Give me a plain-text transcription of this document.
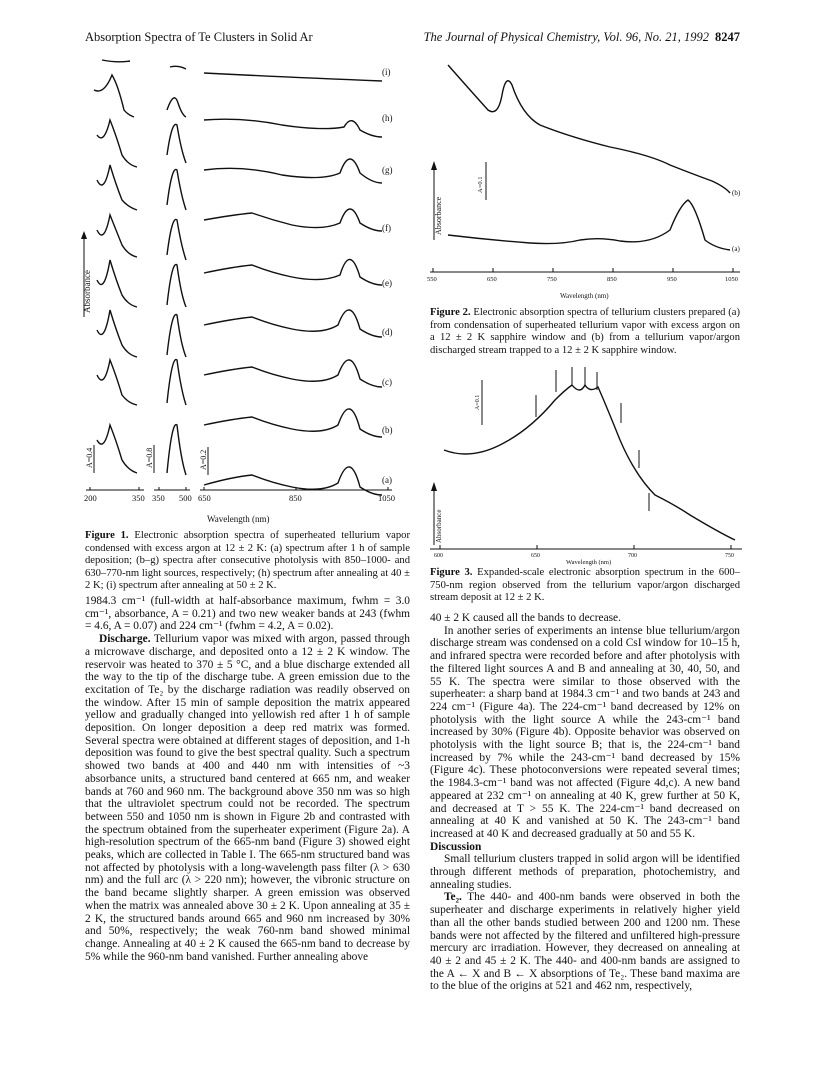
Absorption Spectra of Te Clusters in Solid Ar	The Journal of Physical Chemistry, Vol. 96, No. 21, 1992 8247
(i)
(h)
(g)
(f)
(e)
(d)
(c)
(b)
(a)
Absorbance
A=0.4	A=0.8	A=0.2
200	350 350 500 650	850	1050
Wavelength (nm)
Figure 1. Electronic absorption spectra of superheated tellurium vapor condensed with excess argon at 12 ± 2 K: (a) spectrum after 1 h of sample deposition; (b–g) spectra after consecutive photolysis with 850–1000- and 630–770-nm light sources, respectively; (h) spectrum after annealing at 40 ± 2 K; (i) spectrum after annealing at 50 ± 2 K.
(b)
(a)
Absorbance
A=0.1
550	650	750	850	950	1050
Wavelength (nm)
Figure 2. Electronic absorption spectra of tellurium clusters prepared (a) from condensation of superheated tellurium vapor with excess argon on a 12 ± 2 K sapphire window and (b) from a tellurium vapor/argon discharged stream trapped to a 12 ± 2 K sapphire window.
Absorbance
A=0.1
600	650	700	750
Wavelength (nm)
Figure 3. Expanded-scale electronic absorption spectrum in the 600–750-nm region observed from the tellurium vapor/argon discharged stream deposit at 12 ± 2 K.

1984.3 cm⁻¹ (full-width at half-absorbance maximum, fwhm = 3.0 cm⁻¹, absorbance, A = 0.21) and two new weaker bands at 243 (fwhm = 4.6, A = 0.07) and 224 cm⁻¹ (fwhm = 4.2, A = 0.02).

Discharge. Tellurium vapor was mixed with argon, passed through a microwave discharge, and deposited onto a 12 ± 2 K window. The reservoir was heated to 370 ± 5 °C, and a blue discharge extended all the way to the tip of the discharge tube. A green emission due to the excitation of Te₂ by the discharge radiation was readily observed on the window. After 15 min of sample deposition the matrix appeared yellow and gradually changed into yellowish red after 1 h of sample deposition. On longer deposition a deep red matrix was formed. Several spectra were obtained at different stages of deposition, and 1-h deposition was found to give the best spectral quality. Such a spectrum showed two bands at 400 and 440 nm with intensities of ~3 absorbance units, a structured band centered at 665 nm, and weaker bands at 760 and 960 nm. The background above 350 nm was so high that the ultraviolet spectrum could not be recorded. The spectrum between 550 and 1050 nm is shown in Figure 2b and contrasted with the spectrum obtained from the superheater experiment (Figure 2a). A high-resolution spectrum of the 665-nm band (Figure 3) showed eight peaks, which are collected in Table I. The 665-nm structured band was not affected by photolysis with a long-wavelength pass filter (λ > 630 nm) and the full arc (λ > 220 nm); however, the vibronic structure on the band became slightly sharper. A green emission was observed when the matrix was annealed above 30 ± 2 K. Upon annealing at 35 ± 2 K, the structured bands around 665 and 960 nm increased by 30% and 50%, respectively; the weak 760-nm band showed minimal change. Annealing at 40 ± 2 K caused the 665-nm band to decrease by 5% while the 960-nm band vanished. Further annealing above

40 ± 2 K caused all the bands to decrease.

In another series of experiments an intense blue tellurium/argon discharge stream was condensed on a cold CsI window for 10–15 h, and infrared spectra were recorded before and after photolysis with the filtered light sources A and B and annealing at 30, 40, 50, and 55 K. The spectra were similar to those observed with the superheater: a sharp band at 1984.3 cm⁻¹ and two bands at 243 and 224 cm⁻¹ (Figure 4a). The 224-cm⁻¹ band decreased by 12% on photolysis with the light source A while the 243-cm⁻¹ band increased by 30% (Figure 4b). Opposite behavior was observed on photolysis with the light source B; that is, the 224-cm⁻¹ band increased by 7% while the 243-cm⁻¹ band decreased by 15% (Figure 4c). These photoconversions were repeated several times; the 1984.3-cm⁻¹ band was not affected (Figure 4d,c). A new band appeared at 232 cm⁻¹ on annealing at 40 K, grew further at 50 K, and decreased at T > 55 K. The 224-cm⁻¹ band decreased on annealing at 40 K and vanished at 50 K. The 243-cm⁻¹ band increased at 40 K and decreased gradually at 50 and 55 K.

Discussion

Small tellurium clusters trapped in solid argon will be identified through different methods of preparation, photochemistry, and annealing studies.

Te₂. The 440- and 400-nm bands were observed in both the superheater and discharge experiments in relatively higher yield than all the other bands studied between 200 and 1200 nm. These bands were not affected by the filtered and unfiltered high-pressure mercury arc irradiation. However, they decreased on annealing at 40 ± 2 and 45 ± 2 K. The 440- and 400-nm bands are assigned to the A ← X and B ← X absorptions of Te₂. These band maxima are to the blue of the origins at 521 and 462 nm, respectively,
